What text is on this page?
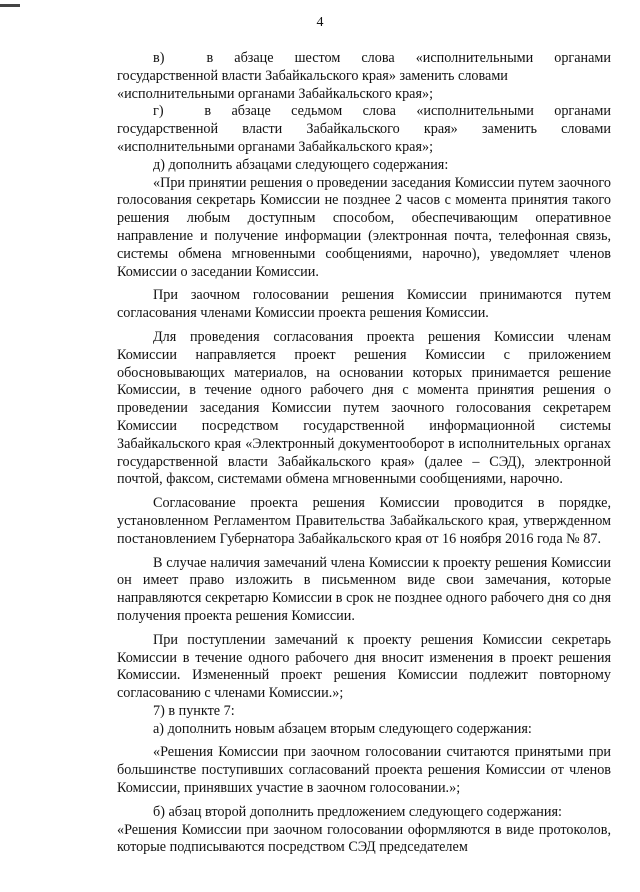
4

в)  в абзаце шестом слова «исполнительными органами

государственной власти Забайкальского края» заменить словами

«исполнительными органами Забайкальского края»;

г)  в абзаце седьмом слова «исполнительными органами

государственной власти Забайкальского края» заменить словами

«исполнительными органами Забайкальского края»;

д) дополнить абзацами следующего содержания:

«При принятии решения о проведении заседания Комиссии путем заочного голосования секретарь Комиссии не позднее 2 часов с момента принятия такого решения любым доступным способом, обеспечивающим оперативное направление и получение информации (электронная почта, телефонная связь, системы обмена мгновенными сообщениями, нарочно), уведомляет членов Комиссии о заседании Комиссии.

При заочном голосовании решения Комиссии принимаются путем согласования членами Комиссии проекта решения Комиссии.

Для проведения согласования проекта решения Комиссии членам Комиссии направляется проект решения Комиссии с приложением обосновывающих материалов, на основании которых принимается решение Комиссии, в течение одного рабочего дня с момента принятия решения о проведении заседания Комиссии путем заочного голосования секретарем Комиссии посредством государственной информационной системы Забайкальского края «Электронный документооборот в исполнительных органах государственной власти Забайкальского края» (далее – СЭД), электронной почтой, факсом, системами обмена мгновенными сообщениями, нарочно.

Согласование проекта решения Комиссии проводится в порядке, установленном Регламентом Правительства Забайкальского края, утвержденном постановлением Губернатора Забайкальского края от 16 ноября 2016 года № 87.

В случае наличия замечаний члена Комиссии к проекту решения Комиссии он имеет право изложить в письменном виде свои замечания, которые направляются секретарю Комиссии в срок не позднее одного рабочего дня со дня получения проекта решения Комиссии.

При поступлении замечаний к проекту решения Комиссии секретарь Комиссии в течение одного рабочего дня вносит изменения в проект решения Комиссии. Измененный проект решения Комиссии подлежит повторному согласованию с членами Комиссии.»;

7) в пункте 7:

а) дополнить новым абзацем вторым следующего содержания:

«Решения Комиссии при заочном голосовании считаются принятыми при большинстве поступивших согласований проекта решения Комиссии от членов Комиссии, принявших участие в заочном голосовании.»;

б) абзац второй дополнить предложением следующего содержания:

«Решения Комиссии при заочном голосовании оформляются в виде протоколов, которые подписываются посредством СЭД председателем
